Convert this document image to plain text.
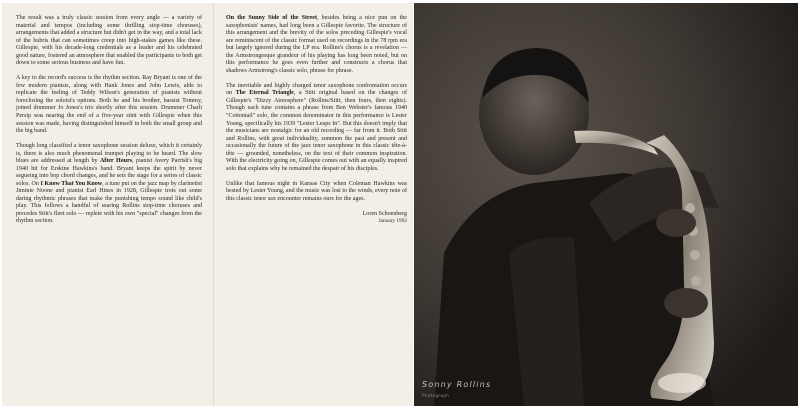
The result was a truly classic session from every angle — a variety of material and tempos (including some thrilling stop-time choruses), arrangements that added a structure but didn't get in the way, and a total lack of the hubris that can sometimes creep into high-stakes games like these. Gillespie, with his decade-long credentials as a leader and his celebrated good nature, fostered an atmosphere that enabled the participants to both get down to some serious business and have fun.

A key to the record's success is the rhythm section. Ray Bryant is one of the few modern pianists, along with Hank Jones and John Lewis, able to replicate the feeling of Teddy Wilson's generation of pianists without foreclosing the soloist's options. Both he and his brother, bassist Tommy, joined drummer Jo Jones's trio shortly after this session. Drummer Charli Persip was nearing the end of a five-year stint with Gillespie when this session was made, having distinguished himself in both the small group and the big band.

Though long classified a tenor saxophone session deluxe, which it certainly is, there is also much phenomenal trumpet playing to be heard. The slow blues are addressed at length by After Hours, pianist Avery Parrish's big 1940 hit for Erskine Hawkins's band. Bryant keeps the spirit by never segueing into bop chord changes, and he sets the stage for a series of classic solos. On I Know That You Know, a tune put on the jazz map by clarinetist Jimmie Noone and pianist Earl Hines in 1928, Gillespie trots out some daring rhythmic phrases that make the punishing tempo sound like child's play. This follows a handful of searing Rollins stop-time choruses and precedes Stitt's fleet solo — replete with his own "special" changes from the rhythm section.

On the Sunny Side of the Street, besides being a nice pun on the saxophonists' names, had long been a Gillespie favorite. The structure of this arrangement and the brevity of the solos preceding Gillespie's vocal are reminiscent of the classic format used on recordings in the 78 rpm era but largely ignored during the LP era. Rollins's chorus is a revelation — the Armstrongesque grandeur of his playing has long been noted, but on this performance he goes even further and constructs a chorus that shadows Armstrong's classic solo, phrase for phrase.

The inevitable and highly charged tenor saxophone confrontation occurs on The Eternal Triangle, a Stitt original based on the changes of Gillespie's "Dizzy Atmosphere" (Rollins/Stitt, then fours, then eights). Though each tune contains a phrase from Ben Webster's famous 1940 "Cottontail" solo, the common denominator in this performance is Lester Young, specifically his 1939 "Lester Leaps In". But this doesn't imply that the musicians are nostalgic for an old recording — far from it. Both Stitt and Rollins, with great individuality, summon the past and present and occasionally the future of the jazz tenor saxophone in this classic tête-à-tête — grounded, nonetheless, on the text of their common inspiration. With the electricity going on, Gillespie comes out with an equally inspired solo that explains why he remained the despair of his disciples.

Unlike that famous night in Kansas City when Coleman Hawkins was bested by Lester Young, and the music was lost to the winds, every note of this classic tenor sax encounter remains ours for the ages.

Loren Schoenberg
January 1992
Sonny Rollins
Photograph
